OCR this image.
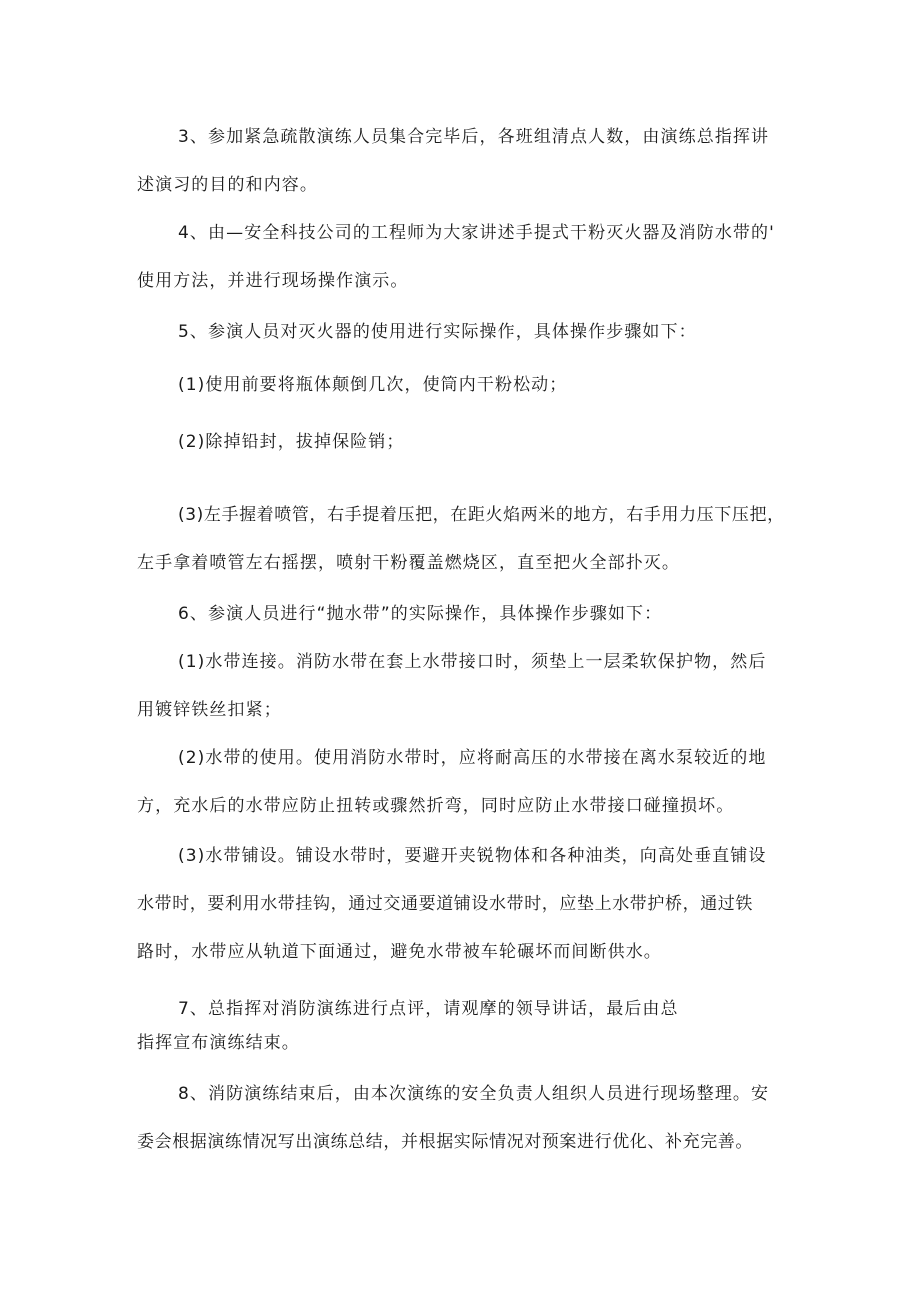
3、参加紧急疏散演练人员集合完毕后，各班组清点人数，由演练总指挥讲
述演习的目的和内容。
4、由—安全科技公司的工程师为大家讲述手提式干粉灭火器及消防水带的'
使用方法，并进行现场操作演示。
5、参演人员对灭火器的使用进行实际操作，具体操作步骤如下：
(1)使用前要将瓶体颠倒几次，使筒内干粉松动；
(2)除掉铅封，拔掉保险销；
(3)左手握着喷管，右手提着压把，在距火焰两米的地方，右手用力压下压把，
左手拿着喷管左右摇摆，喷射干粉覆盖燃烧区，直至把火全部扑灭。
6、参演人员进行“抛水带”的实际操作，具体操作步骤如下：
(1)水带连接。消防水带在套上水带接口时，须垫上一层柔软保护物，然后
用镀锌铁丝扣紧；
(2)水带的使用。使用消防水带时，应将耐高压的水带接在离水泵较近的地
方，充水后的水带应防止扭转或骤然折弯，同时应防止水带接口碰撞损坏。
(3)水带铺设。铺设水带时，要避开夹锐物体和各种油类，向高处垂直铺设
水带时，要利用水带挂钩，通过交通要道铺设水带时，应垫上水带护桥，通过铁
路时，水带应从轨道下面通过，避免水带被车轮碾坏而间断供水。
7、总指挥对消防演练进行点评，请观摩的领导讲话，最后由总
指挥宣布演练结束。
8、消防演练结束后，由本次演练的安全负责人组织人员进行现场整理。安
委会根据演练情况写出演练总结，并根据实际情况对预案进行优化、补充完善。
